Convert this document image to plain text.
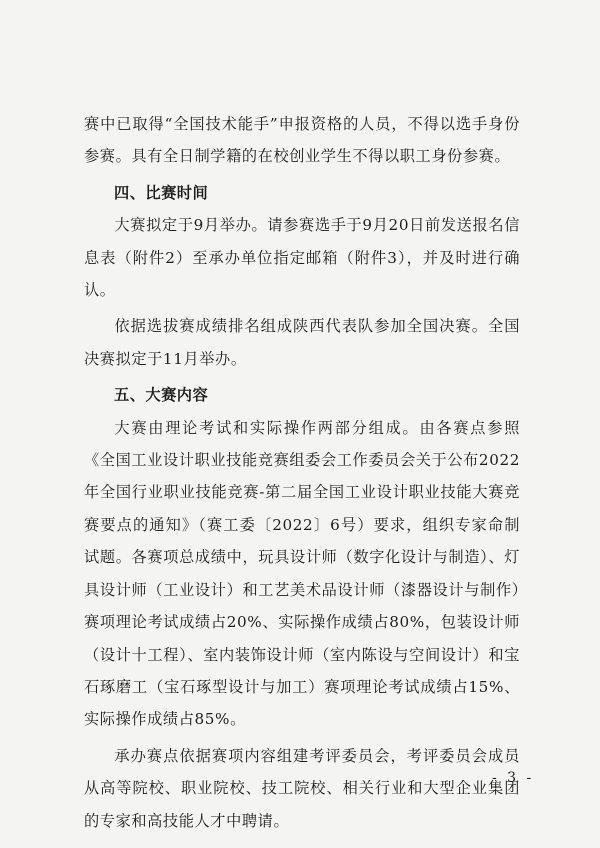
赛中已取得“全国技术能手”申报资格的人员，不得以选手身份参赛。具有全日制学籍的在校创业学生不得以职工身份参赛。

四、比赛时间

大赛拟定于9月举办。请参赛选手于9月20日前发送报名信息表（附件2）至承办单位指定邮箱（附件3），并及时进行确认。

依据选拔赛成绩排名组成陕西代表队参加全国决赛。全国决赛拟定于11月举办。

五、大赛内容

大赛由理论考试和实际操作两部分组成。由各赛点参照《全国工业设计职业技能竞赛组委会工作委员会关于公布2022年全国行业职业技能竞赛-第二届全国工业设计职业技能大赛竞赛要点的通知》（赛工委〔2022〕6号）要求，组织专家命制试题。各赛项总成绩中，玩具设计师（数字化设计与制造）、灯具设计师（工业设计）和工艺美术品设计师（漆器设计与制作）赛项理论考试成绩占20%、实际操作成绩占80%，包装设计师（设计十工程）、室内装饰设计师（室内陈设与空间设计）和宝石琢磨工（宝石琢型设计与加工）赛项理论考试成绩占15%、实际操作成绩占85%。

承办赛点依据赛项内容组建考评委员会，考评委员会成员从高等院校、职业院校、技工院校、相关行业和大型企业集团的专家和高技能人才中聘请。

- 3 -
